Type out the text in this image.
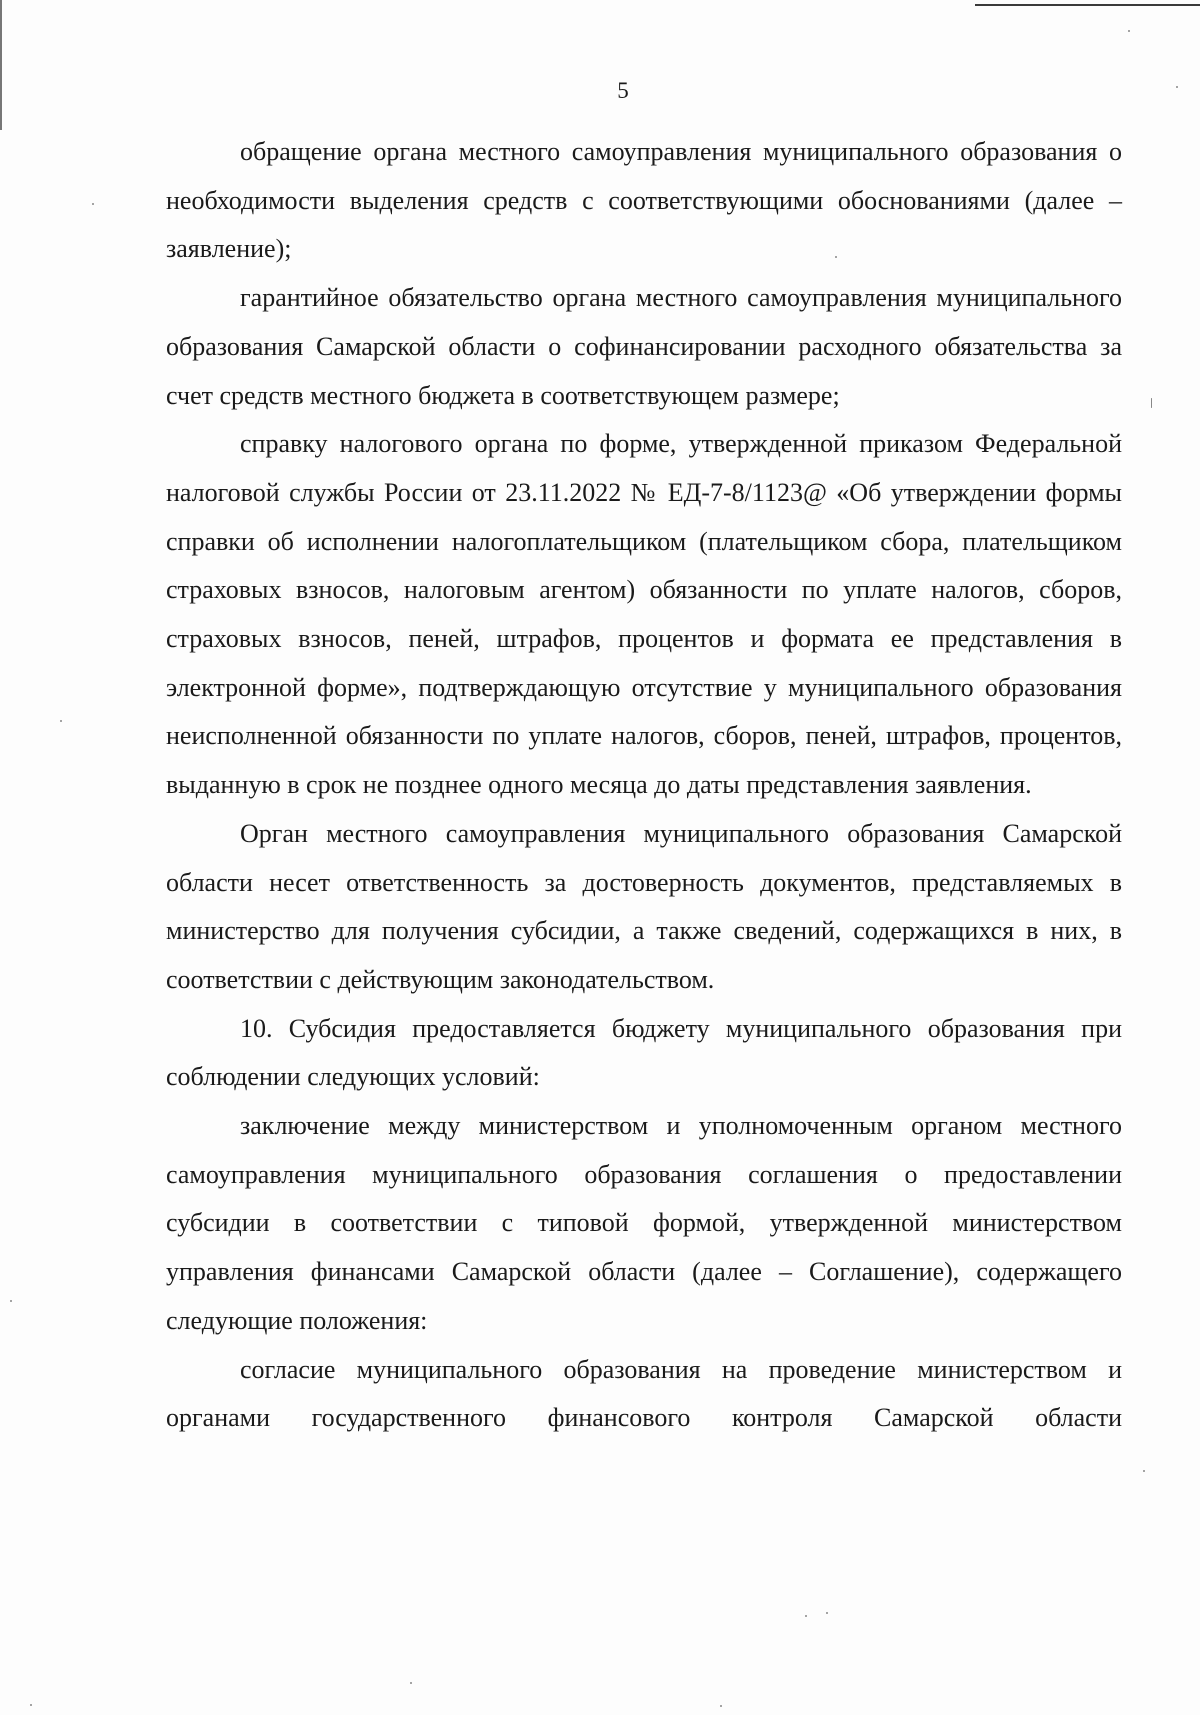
5

обращение органа местного самоуправления муниципального образования о необходимости выделения средств с соответствующими обоснованиями (далее – заявление);

гарантийное обязательство органа местного самоуправления муниципального образования Самарской области о софинансировании расходного обязательства за счет средств местного бюджета в соответствующем размере;

справку налогового органа по форме, утвержденной приказом Федеральной налоговой службы России от 23.11.2022 № ЕД-7-8/1123@ «Об утверждении формы справки об исполнении налогоплательщиком (плательщиком сбора, плательщиком страховых взносов, налоговым агентом) обязанности по уплате налогов, сборов, страховых взносов, пеней, штрафов, процентов и формата ее представления в электронной форме», подтверждающую отсутствие у муниципального образования неисполненной обязанности по уплате налогов, сборов, пеней, штрафов, процентов, выданную в срок не позднее одного месяца до даты представления заявления.

Орган местного самоуправления муниципального образования Самарской области несет ответственность за достоверность документов, представляемых в министерство для получения субсидии, а также сведений, содержащихся в них, в соответствии с действующим законодательством.

10. Субсидия предоставляется бюджету муниципального образования при соблюдении следующих условий:

заключение между министерством и уполномоченным органом местного самоуправления муниципального образования соглашения о предоставлении субсидии в соответствии с типовой формой, утвержденной министерством управления финансами Самарской области (далее – Соглашение), содержащего следующие положения:

согласие муниципального образования на проведение министерством и органами государственного финансового контроля Самарской области
